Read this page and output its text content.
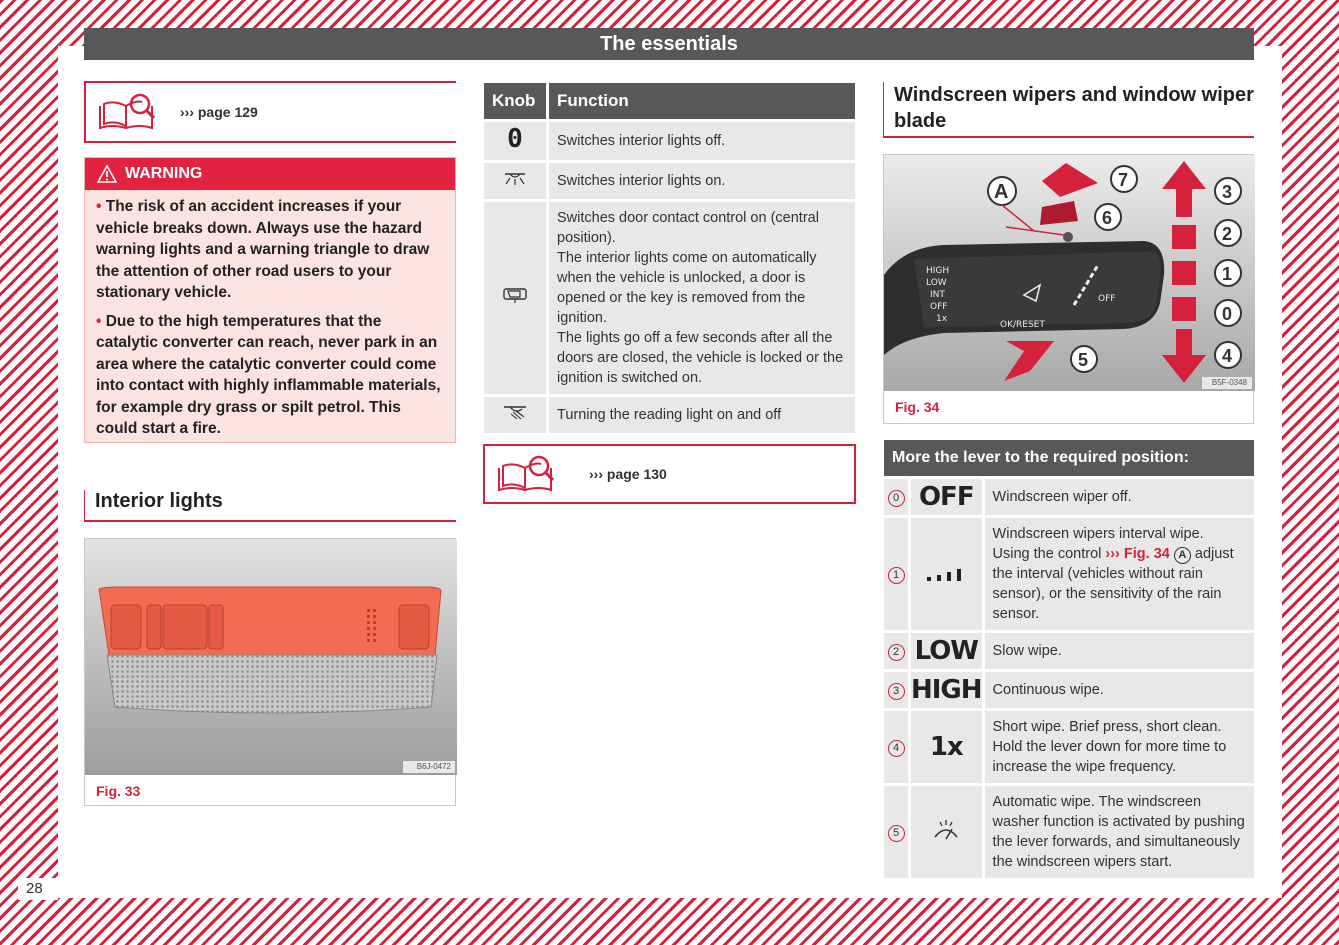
The essentials
››› page 129
WARNING

• The risk of an accident increases if your vehicle breaks down. Always use the hazard warning lights and a warning triangle to draw the attention of other road users to your stationary vehicle.

• Due to the high temperatures that the catalytic converter can reach, never park in an area where the catalytic converter could come into contact with highly inflammable materials, for example dry grass or spilt petrol. This could start a fire.

Interior lights
B6J-0472
Fig. 33
Knob	Function
0	Switches interior lights off.
	Switches interior lights on.
	Switches door contact control on (central position).
The interior lights come on automatically when the vehicle is unlocked, a door is opened or the key is removed from the ignition.
The lights go off a few seconds after all the doors are closed, the vehicle is locked or the ignition is switched on.
	Turning the reading light on and off
››› page 130
Windscreen wipers and window wiper blade
HIGH
LOW
INT
OFF
1x
OK/RESET
OFF
A
7
6
3
2
1
0
4
5
B5F-0348
Fig. 34
More the lever to the required position:		
0	OFF	Windscreen wiper off.
1		Windscreen wipers interval wipe.
Using the control ››› Fig. 34 A adjust the interval (vehicles without rain sensor), or the sensitivity of the rain sensor.
2	LOW	Slow wipe.
3	HIGH	Continuous wipe.
4	1x	Short wipe. Brief press, short clean. Hold the lever down for more time to increase the wipe frequency.
5		Automatic wipe. The windscreen washer function is activated by pushing the lever forwards, and simultaneously the windscreen wipers start.
28
